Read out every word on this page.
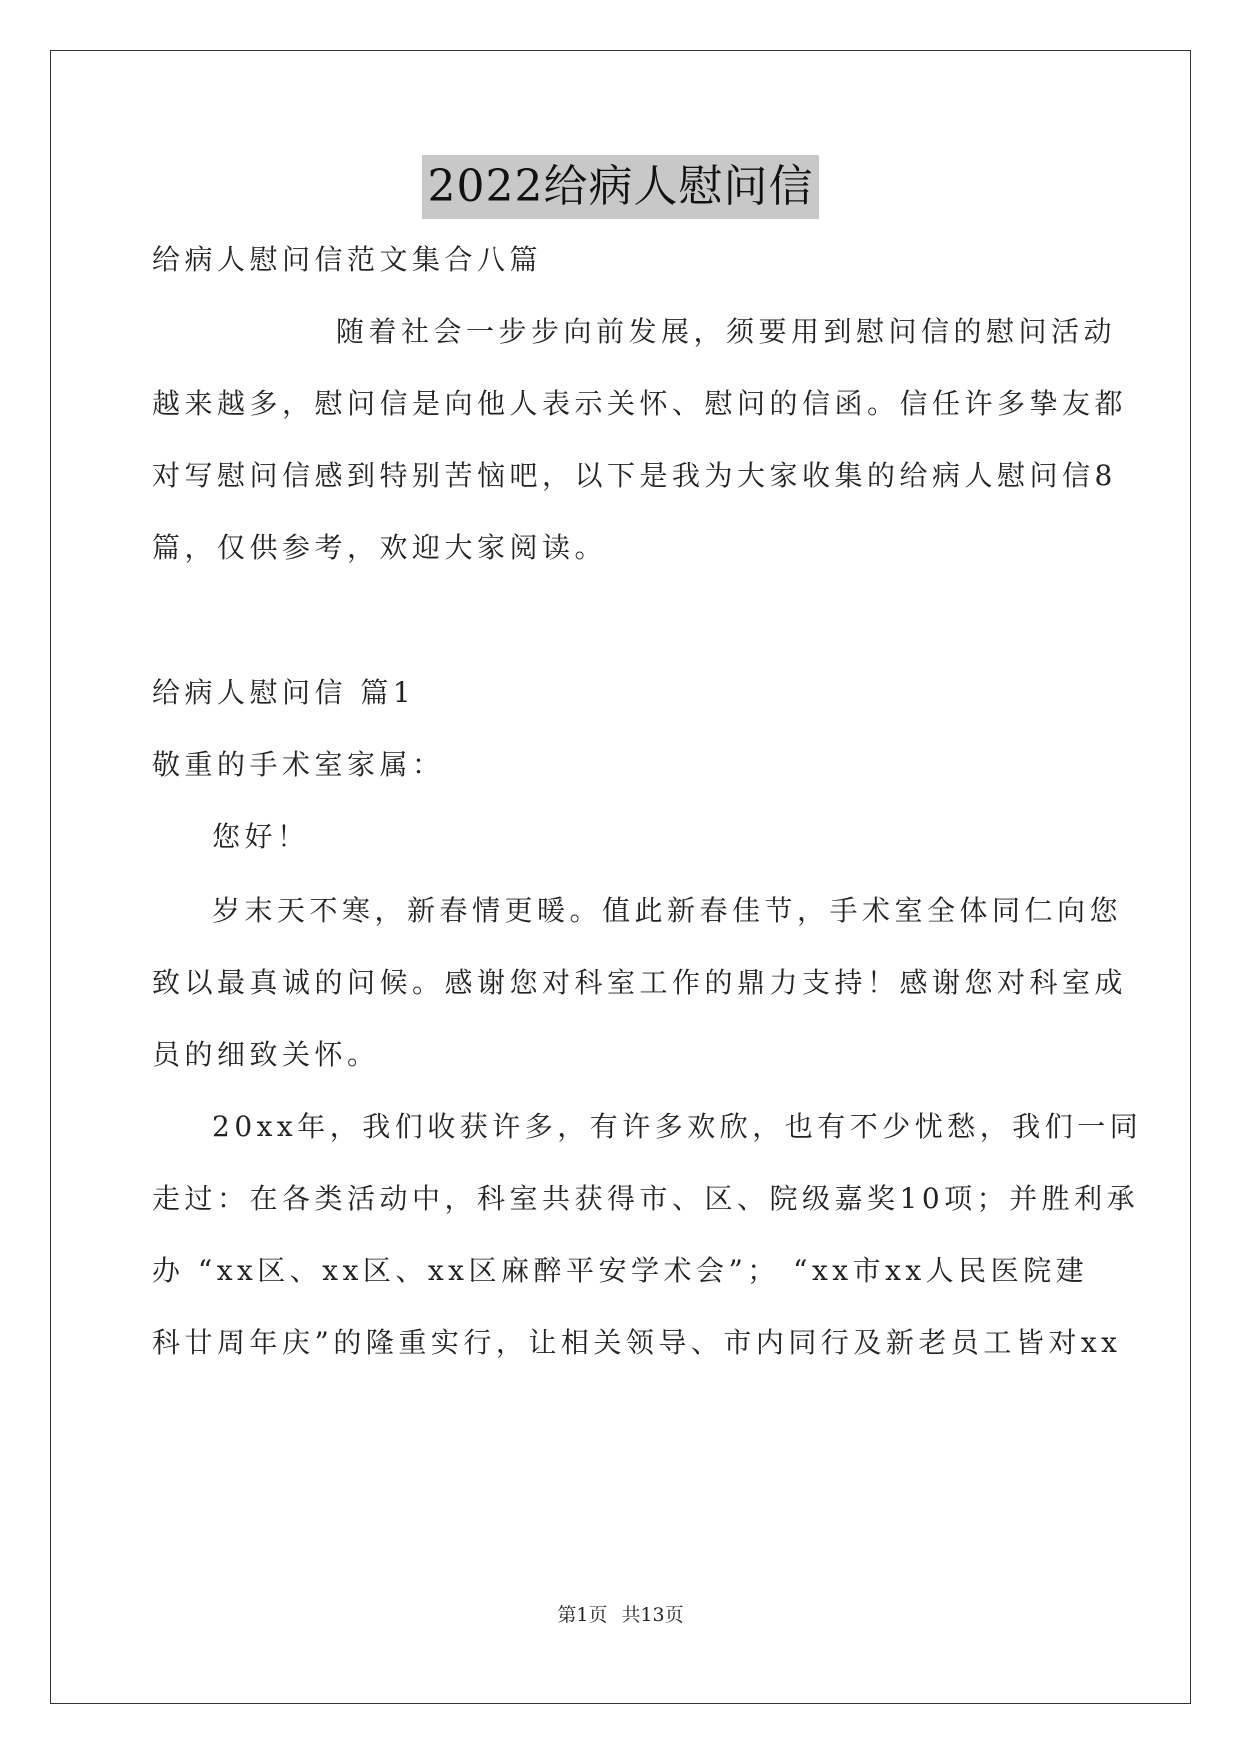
2022给病人慰问信
给病人慰问信范文集合八篇
随着社会一步步向前发展，须要用到慰问信的慰问活动
越来越多，慰问信是向他人表示关怀、慰问的信函。信任许多挚友都
对写慰问信感到特别苦恼吧，以下是我为大家收集的给病人慰问信8
篇，仅供参考，欢迎大家阅读。
给病人慰问信 篇1
敬重的手术室家属：
您好！
岁末天不寒，新春情更暖。值此新春佳节，手术室全体同仁向您
致以最真诚的问候。感谢您对科室工作的鼎力支持！感谢您对科室成
员的细致关怀。
20xx年，我们收获许多，有许多欢欣，也有不少忧愁，我们一同
走过：在各类活动中，科室共获得市、区、院级嘉奖10项；并胜利承
办 “xx区、xx区、xx区麻醉平安学术会”； “xx市xx人民医院建
科廿周年庆”的隆重实行，让相关领导、市内同行及新老员工皆对xx
第1页 共13页
